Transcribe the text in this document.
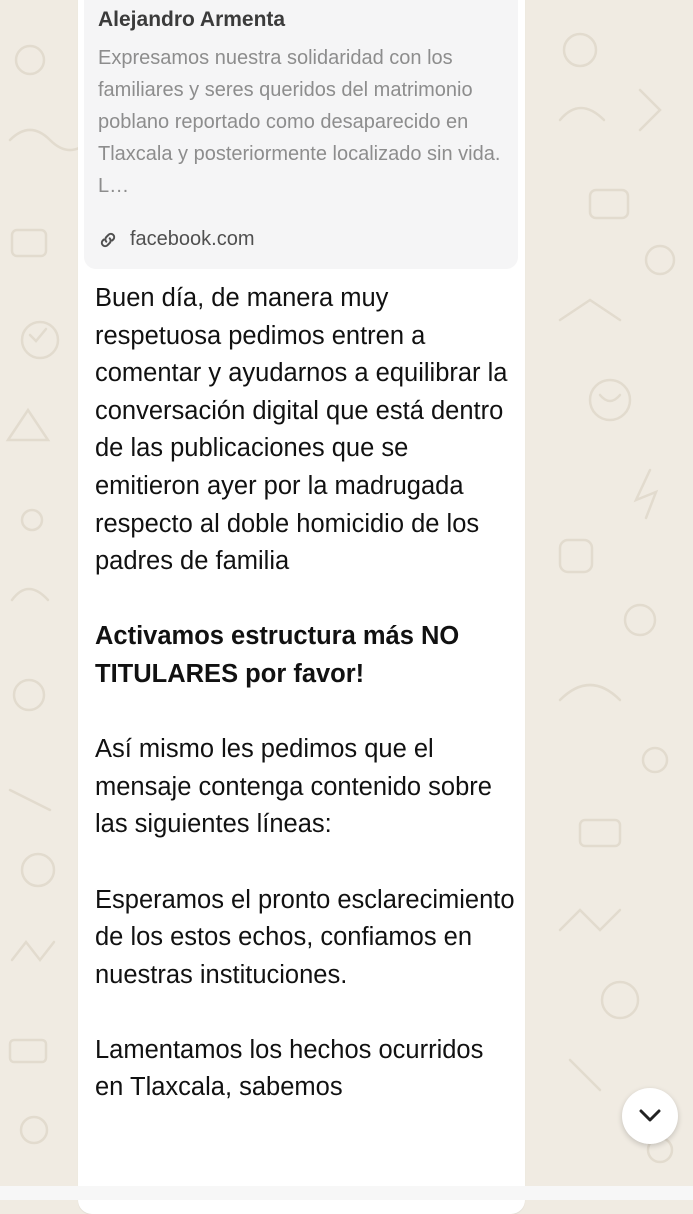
Alejandro Armenta

Expresamos nuestra solidaridad con los familiares y seres queridos del matrimonio poblano reportado como desaparecido en Tlaxcala y posteriormente localizado sin vida. L…

facebook.com

Buen día, de manera muy respetuosa pedimos entren a comentar y ayudarnos a equilibrar la conversación digital que está dentro de las publicaciones que se emitieron ayer por la madrugada respecto al doble homicidio de los padres de familia

Activamos estructura más NO TITULARES por favor!

Así mismo les pedimos que el mensaje contenga contenido sobre las siguientes líneas:

Esperamos el pronto esclarecimiento de los estos echos, confiamos en nuestras instituciones.

Lamentamos los hechos ocurridos en Tlaxcala, sabemos
